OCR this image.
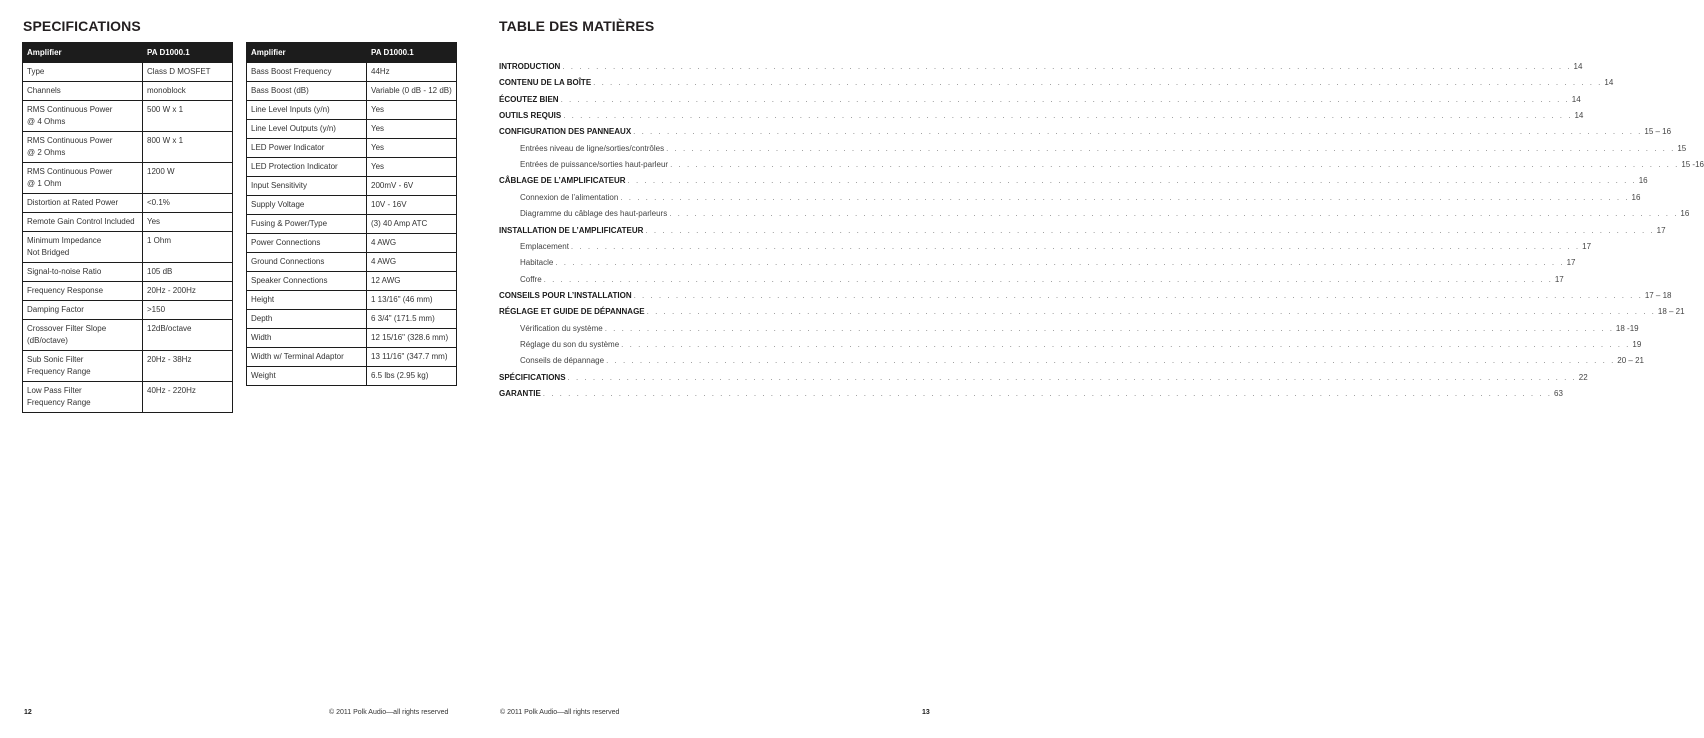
SPECIFICATIONS
Amplifier	PA D1000.1

Type	Class D MOSFET

Channels	monoblock

RMS Continuous Power
@ 4 Ohms	500 W x 1

RMS Continuous Power
@ 2 Ohms	800 W x 1

RMS Continuous Power
@ 1 Ohm	1200 W

Distortion at Rated Power	<0.1%

Remote Gain Control Included	Yes

Minimum Impedance
Not Bridged	1 Ohm

Signal-to-noise Ratio	105 dB

Frequency Response	20Hz - 200Hz

Damping Factor	>150

Crossover Filter Slope
(dB/octave)	12dB/octave

Sub Sonic Filter
Frequency Range	20Hz - 38Hz

Low Pass Filter
Frequency Range	40Hz - 220Hz
Amplifier	PA D1000.1

Bass Boost Frequency	44Hz

Bass Boost (dB)	Variable (0 dB - 12 dB)

Line Level Inputs (y/n)	Yes

Line Level Outputs (y/n)	Yes

LED Power Indicator	Yes

LED Protection Indicator	Yes

Input Sensitivity	200mV - 6V

Supply Voltage	10V - 16V

Fusing & Power/Type	(3) 40 Amp ATC

Power Connections	4 AWG

Ground Connections	4 AWG

Speaker Connections	12 AWG

Height	1 13/16" (46 mm)

Depth	6 3/4" (171.5 mm)

Width	12 15/16" (328.6 mm)

Width w/ Terminal Adaptor	13 11/16" (347.7 mm)

Weight	6.5 lbs (2.95 kg)
12	© 2011 Polk Audio—all rights reserved
TABLE DES MATIÈRES
INTRODUCTION . . . . . . . . . . . . . . . . . . . . . . . . . . . . . . . . . . . . . . . . . . . . . . . . . . . . . . . . . . . . . . . . . . . . . . . . . . . . . . . . . . . . . . . . . . . . . . . . . . . . . . . . . . . . . . . . . . . . . . . . 14
CONTENU DE LA BOÎTE . . . . . . . . . . . . . . . . . . . . . . . . . . . . . . . . . . . . . . . . . . . . . . . . . . . . . . . . . . . . . . . . . . . . . . . . . . . . . . . . . . . . . . . . . . . . . . . . . . . . . . . . . . . . . . . . . . . . . . . . 14
ÉCOUTEZ BIEN . . . . . . . . . . . . . . . . . . . . . . . . . . . . . . . . . . . . . . . . . . . . . . . . . . . . . . . . . . . . . . . . . . . . . . . . . . . . . . . . . . . . . . . . . . . . . . . . . . . . . . . . . . . . . . . . . . . . . . . . 14
OUTILS REQUIS . . . . . . . . . . . . . . . . . . . . . . . . . . . . . . . . . . . . . . . . . . . . . . . . . . . . . . . . . . . . . . . . . . . . . . . . . . . . . . . . . . . . . . . . . . . . . . . . . . . . . . . . . . . . . . . . . . . . . . . . 14
CONFIGURATION DES PANNEAUX . . . . . . . . . . . . . . . . . . . . . . . . . . . . . . . . . . . . . . . . . . . . . . . . . . . . . . . . . . . . . . . . . . . . . . . . . . . . . . . . . . . . . . . . . . . . . . . . . . . . . . . . . . . . . . . . . . . . . . . . 15 – 16
Entrées niveau de ligne/sorties/contrôles . . . . . . . . . . . . . . . . . . . . . . . . . . . . . . . . . . . . . . . . . . . . . . . . . . . . . . . . . . . . . . . . . . . . . . . . . . . . . . . . . . . . . . . . . . . . . . . . . . . . . . . . . . . . . . . . . . . . . . . . 15
Entrées de puissance/sorties haut-parleur . . . . . . . . . . . . . . . . . . . . . . . . . . . . . . . . . . . . . . . . . . . . . . . . . . . . . . . . . . . . . . . . . . . . . . . . . . . . . . . . . . . . . . . . . . . . . . . . . . . . . . . . . . . . . . . . . . . . . . . . 15 -16
CÂBLAGE DE L’AMPLIFICATEUR . . . . . . . . . . . . . . . . . . . . . . . . . . . . . . . . . . . . . . . . . . . . . . . . . . . . . . . . . . . . . . . . . . . . . . . . . . . . . . . . . . . . . . . . . . . . . . . . . . . . . . . . . . . . . . . . . . . . . . . . 16
Connexion de l’alimentation . . . . . . . . . . . . . . . . . . . . . . . . . . . . . . . . . . . . . . . . . . . . . . . . . . . . . . . . . . . . . . . . . . . . . . . . . . . . . . . . . . . . . . . . . . . . . . . . . . . . . . . . . . . . . . . . . . . . . . . . 16
Diagramme du câblage des haut-parleurs . . . . . . . . . . . . . . . . . . . . . . . . . . . . . . . . . . . . . . . . . . . . . . . . . . . . . . . . . . . . . . . . . . . . . . . . . . . . . . . . . . . . . . . . . . . . . . . . . . . . . . . . . . . . . . . . . . . . . . . . 16
INSTALLATION DE L’AMPLIFICATEUR . . . . . . . . . . . . . . . . . . . . . . . . . . . . . . . . . . . . . . . . . . . . . . . . . . . . . . . . . . . . . . . . . . . . . . . . . . . . . . . . . . . . . . . . . . . . . . . . . . . . . . . . . . . . . . . . . . . . . . . . 17
Emplacement . . . . . . . . . . . . . . . . . . . . . . . . . . . . . . . . . . . . . . . . . . . . . . . . . . . . . . . . . . . . . . . . . . . . . . . . . . . . . . . . . . . . . . . . . . . . . . . . . . . . . . . . . . . . . . . . . . . . . . . . 17
Habitacle . . . . . . . . . . . . . . . . . . . . . . . . . . . . . . . . . . . . . . . . . . . . . . . . . . . . . . . . . . . . . . . . . . . . . . . . . . . . . . . . . . . . . . . . . . . . . . . . . . . . . . . . . . . . . . . . . . . . . . . . 17
Coffre . . . . . . . . . . . . . . . . . . . . . . . . . . . . . . . . . . . . . . . . . . . . . . . . . . . . . . . . . . . . . . . . . . . . . . . . . . . . . . . . . . . . . . . . . . . . . . . . . . . . . . . . . . . . . . . . . . . . . . . . 17
CONSEILS POUR L’INSTALLATION . . . . . . . . . . . . . . . . . . . . . . . . . . . . . . . . . . . . . . . . . . . . . . . . . . . . . . . . . . . . . . . . . . . . . . . . . . . . . . . . . . . . . . . . . . . . . . . . . . . . . . . . . . . . . . . . . . . . . . . . 17 – 18
RÉGLAGE ET GUIDE DE DÉPANNAGE . . . . . . . . . . . . . . . . . . . . . . . . . . . . . . . . . . . . . . . . . . . . . . . . . . . . . . . . . . . . . . . . . . . . . . . . . . . . . . . . . . . . . . . . . . . . . . . . . . . . . . . . . . . . . . . . . . . . . . . . 18 – 21
Vérification du système . . . . . . . . . . . . . . . . . . . . . . . . . . . . . . . . . . . . . . . . . . . . . . . . . . . . . . . . . . . . . . . . . . . . . . . . . . . . . . . . . . . . . . . . . . . . . . . . . . . . . . . . . . . . . . . . . . . . . . . . 18 -19
Réglage du son du système . . . . . . . . . . . . . . . . . . . . . . . . . . . . . . . . . . . . . . . . . . . . . . . . . . . . . . . . . . . . . . . . . . . . . . . . . . . . . . . . . . . . . . . . . . . . . . . . . . . . . . . . . . . . . . . . . . . . . . . . 19
Conseils de dépannage . . . . . . . . . . . . . . . . . . . . . . . . . . . . . . . . . . . . . . . . . . . . . . . . . . . . . . . . . . . . . . . . . . . . . . . . . . . . . . . . . . . . . . . . . . . . . . . . . . . . . . . . . . . . . . . . . . . . . . . . 20 – 21
SPÉCIFICATIONS . . . . . . . . . . . . . . . . . . . . . . . . . . . . . . . . . . . . . . . . . . . . . . . . . . . . . . . . . . . . . . . . . . . . . . . . . . . . . . . . . . . . . . . . . . . . . . . . . . . . . . . . . . . . . . . . . . . . . . . . 22
GARANTIE . . . . . . . . . . . . . . . . . . . . . . . . . . . . . . . . . . . . . . . . . . . . . . . . . . . . . . . . . . . . . . . . . . . . . . . . . . . . . . . . . . . . . . . . . . . . . . . . . . . . . . . . . . . . . . . . . . . . . . . . 63
© 2011 Polk Audio—all rights reserved	13
